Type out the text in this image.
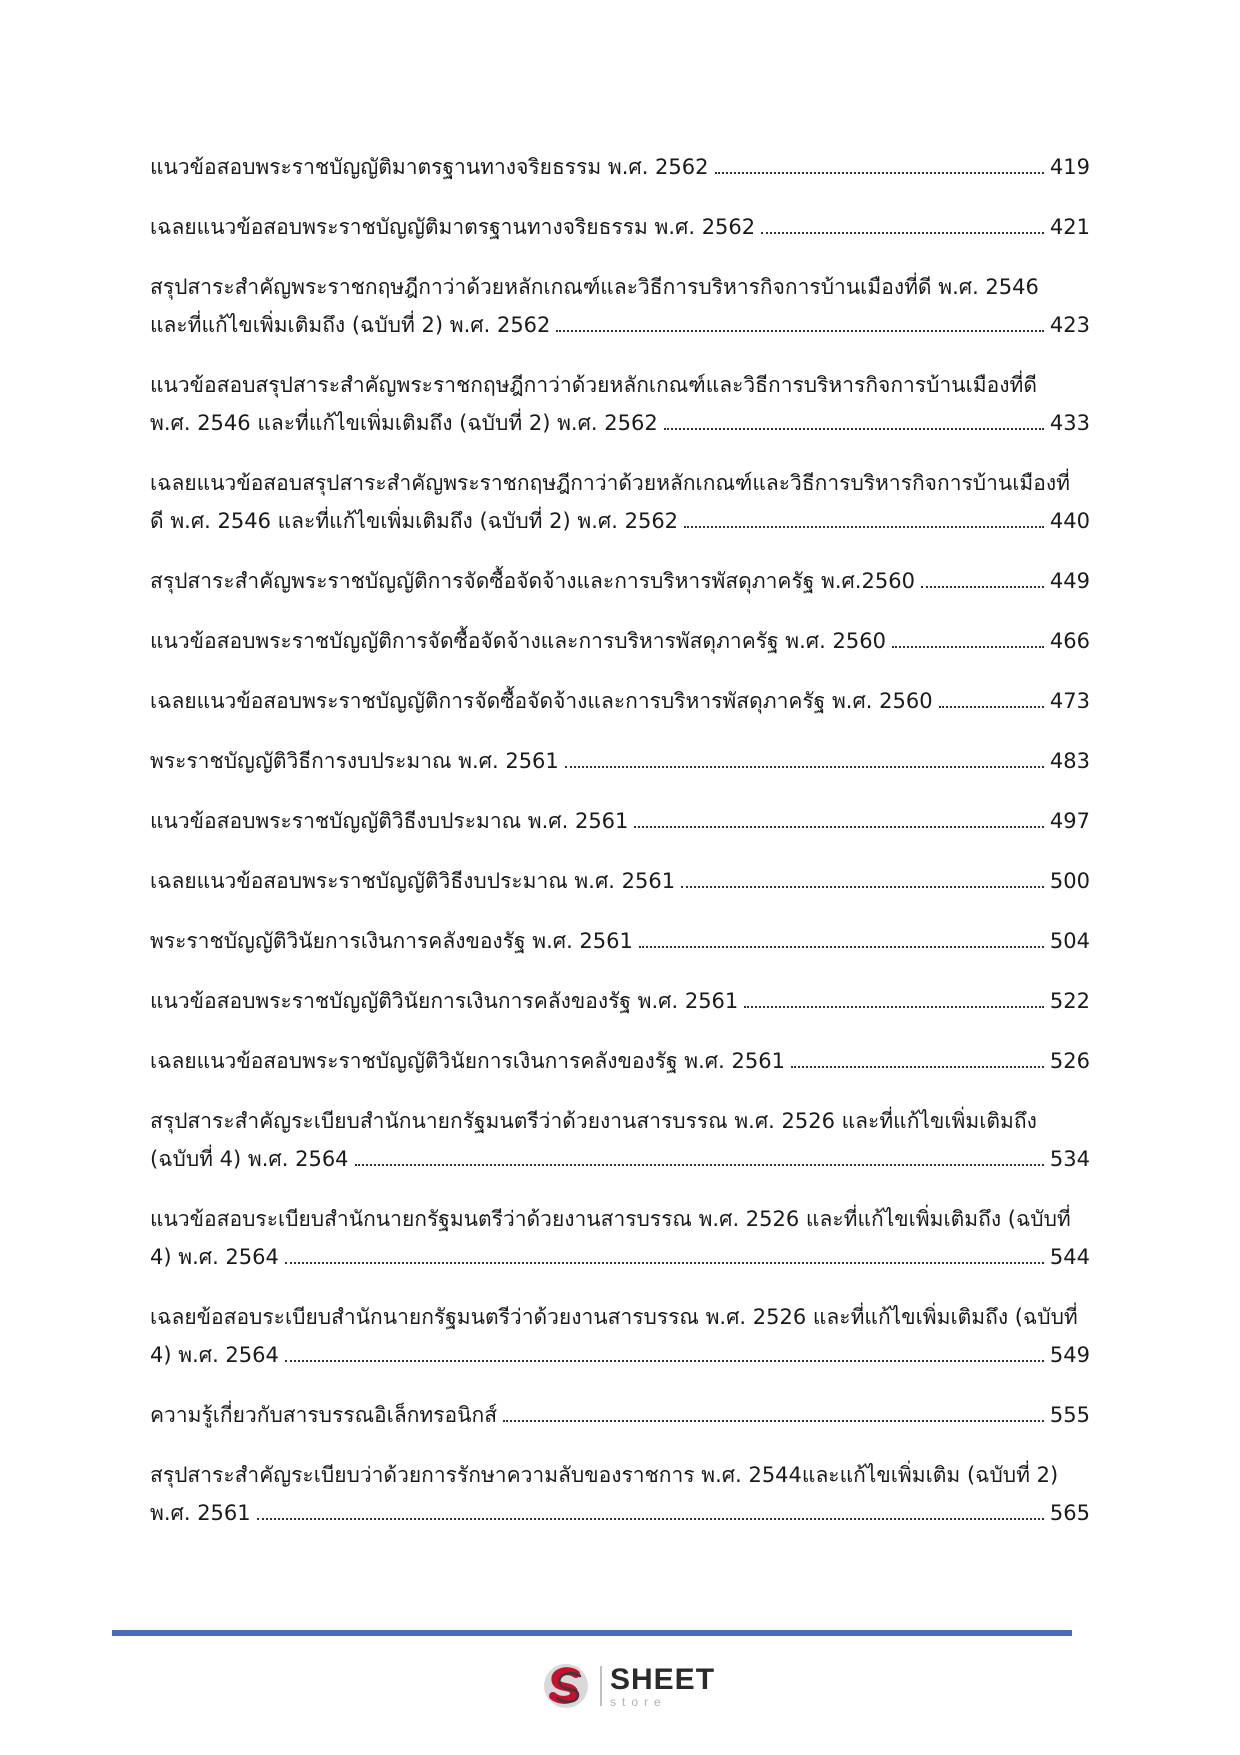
แนวข้อสอบพระราชบัญญัติมาตรฐานทางจริยธรรม พ.ศ. 2562	419
เฉลยแนวข้อสอบพระราชบัญญัติมาตรฐานทางจริยธรรม พ.ศ. 2562	421
สรุปสาระสำคัญพระราชกฤษฎีกาว่าด้วยหลักเกณฑ์และวิธีการบริหารกิจการบ้านเมืองที่ดี พ.ศ. 2546
และที่แก้ไขเพิ่มเติมถึง (ฉบับที่ 2) พ.ศ. 2562	423
แนวข้อสอบสรุปสาระสำคัญพระราชกฤษฎีกาว่าด้วยหลักเกณฑ์และวิธีการบริหารกิจการบ้านเมืองที่ดี
พ.ศ. 2546 และที่แก้ไขเพิ่มเติมถึง (ฉบับที่ 2) พ.ศ. 2562	433
เฉลยแนวข้อสอบสรุปสาระสำคัญพระราชกฤษฎีกาว่าด้วยหลักเกณฑ์และวิธีการบริหารกิจการบ้านเมืองที่
ดี พ.ศ. 2546 และที่แก้ไขเพิ่มเติมถึง (ฉบับที่ 2) พ.ศ. 2562	440
สรุปสาระสำคัญพระราชบัญญัติการจัดซื้อจัดจ้างและการบริหารพัสดุภาครัฐ พ.ศ.2560	449
แนวข้อสอบพระราชบัญญัติการจัดซื้อจัดจ้างและการบริหารพัสดุภาครัฐ พ.ศ. 2560	466
เฉลยแนวข้อสอบพระราชบัญญัติการจัดซื้อจัดจ้างและการบริหารพัสดุภาครัฐ พ.ศ. 2560	473
พระราชบัญญัติวิธีการงบประมาณ พ.ศ. 2561	483
แนวข้อสอบพระราชบัญญัติวิธีงบประมาณ พ.ศ. 2561	497
เฉลยแนวข้อสอบพระราชบัญญัติวิธีงบประมาณ พ.ศ. 2561	500
พระราชบัญญัติวินัยการเงินการคลังของรัฐ พ.ศ. 2561	504
แนวข้อสอบพระราชบัญญัติวินัยการเงินการคลังของรัฐ พ.ศ. 2561	522
เฉลยแนวข้อสอบพระราชบัญญัติวินัยการเงินการคลังของรัฐ พ.ศ. 2561	526
สรุปสาระสำคัญระเบียบสำนักนายกรัฐมนตรีว่าด้วยงานสารบรรณ พ.ศ. 2526 และที่แก้ไขเพิ่มเติมถึง
(ฉบับที่ 4) พ.ศ. 2564	534
แนวข้อสอบระเบียบสำนักนายกรัฐมนตรีว่าด้วยงานสารบรรณ พ.ศ. 2526 และที่แก้ไขเพิ่มเติมถึง (ฉบับที่
4) พ.ศ. 2564	544
เฉลยข้อสอบระเบียบสำนักนายกรัฐมนตรีว่าด้วยงานสารบรรณ พ.ศ. 2526 และที่แก้ไขเพิ่มเติมถึง (ฉบับที่
4) พ.ศ. 2564	549
ความรู้เกี่ยวกับสารบรรณอิเล็กทรอนิกส์	555
สรุปสาระสำคัญระเบียบว่าด้วยการรักษาความลับของราชการ พ.ศ. 2544และแก้ไขเพิ่มเติม (ฉบับที่ 2)
พ.ศ. 2561	565
SHEET
store
